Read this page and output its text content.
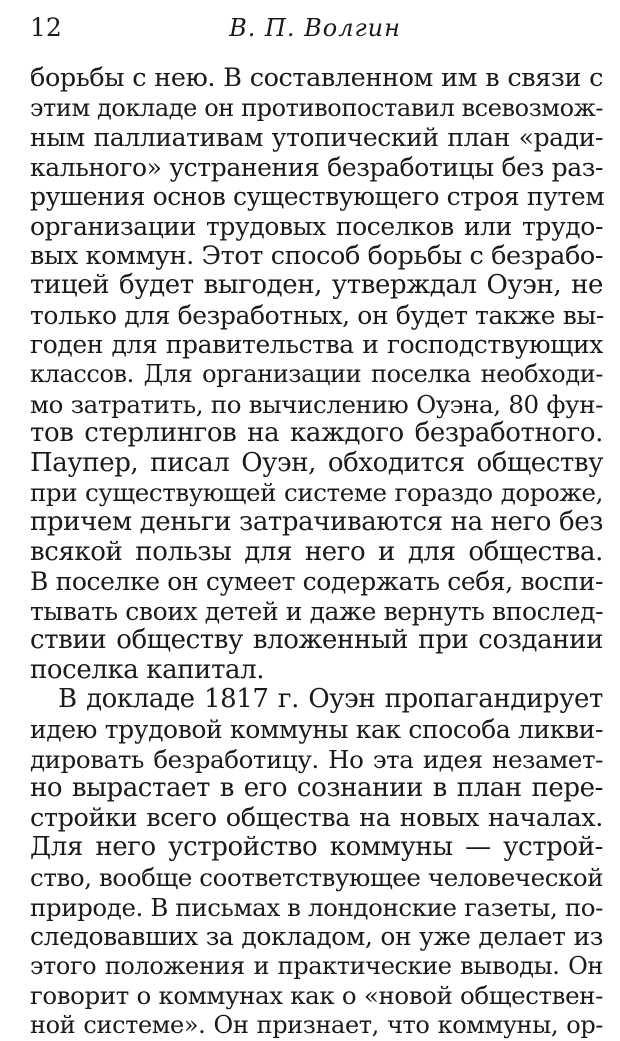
12	В. П. Волгин
борьбы с нею. В составленном им в связи с
этим докладе он противопоставил всевозмож-
ным паллиативам утопический план «ради-
кального» устранения безработицы без раз-
рушения основ существующего строя путем
организации трудовых поселков или трудо-
вых коммун. Этот способ борьбы с безрабо-
тицей будет выгоден, утверждал Оуэн, не
только для безработных, он будет также вы-
годен для правительства и господствующих
классов. Для организации поселка необходи-
мо затратить, по вычислению Оуэна, 80 фун-
тов стерлингов на каждого безработного.
Паупер, писал Оуэн, обходится обществу
при существующей системе гораздо дороже,
причем деньги затрачиваются на него без
всякой пользы для него и для общества.
В поселке он сумеет содержать себя, воспи-
тывать своих детей и даже вернуть впослед-
ствии обществу вложенный при создании
поселка капитал.
В докладе 1817 г. Оуэн пропагандирует
идею трудовой коммуны как способа ликви-
дировать безработицу. Но эта идея незамет-
но вырастает в его сознании в план пере-
стройки всего общества на новых началах.
Для него устройство коммуны — устрой-
ство, вообще соответствующее человеческой
природе. В письмах в лондонские газеты, по-
следовавших за докладом, он уже делает из
этого положения и практические выводы. Он
говорит о коммунах как о «новой обществен-
ной системе». Он признает, что коммуны, ор-
